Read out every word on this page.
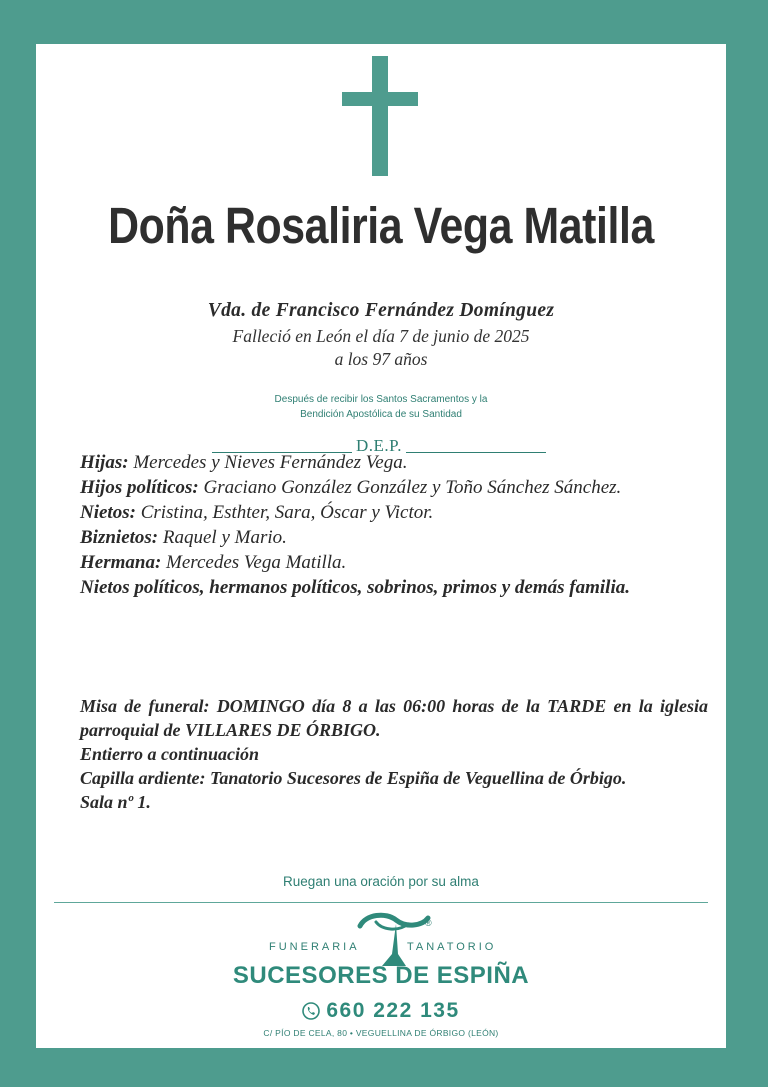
Doña Rosaliria Vega Matilla
Vda. de Francisco Fernández Domínguez
Falleció en León el día 7 de junio de 2025
a los 97 años
Después de recibir los Santos Sacramentos y la
Bendición Apostólica de su Santidad
D.E.P.

Hijas: Mercedes y Nieves Fernández Vega.

Hijos políticos: Graciano González González y Toño Sánchez Sánchez.

Nietos: Cristina, Esthter, Sara, Óscar y Victor.

Biznietos: Raquel y Mario.

Hermana: Mercedes Vega Matilla.

Nietos políticos, hermanos políticos, sobrinos, primos y demás familia.

Misa de funeral: DOMINGO día 8 a las 06:00 horas de la TARDE en la iglesia parroquial de VILLARES DE ÓRBIGO.

Entierro a continuación

Capilla ardiente: Tanatorio Sucesores de Espiña de Veguellina de Órbigo.

Sala nº 1.

Ruegan una oración por su alma
®
FUNERARIA	TANATORIO
SUCESORES DE ESPIÑA
660 222 135
C/ PÍO DE CELA, 80 • VEGUELLINA DE ÓRBIGO (LEÓN)
